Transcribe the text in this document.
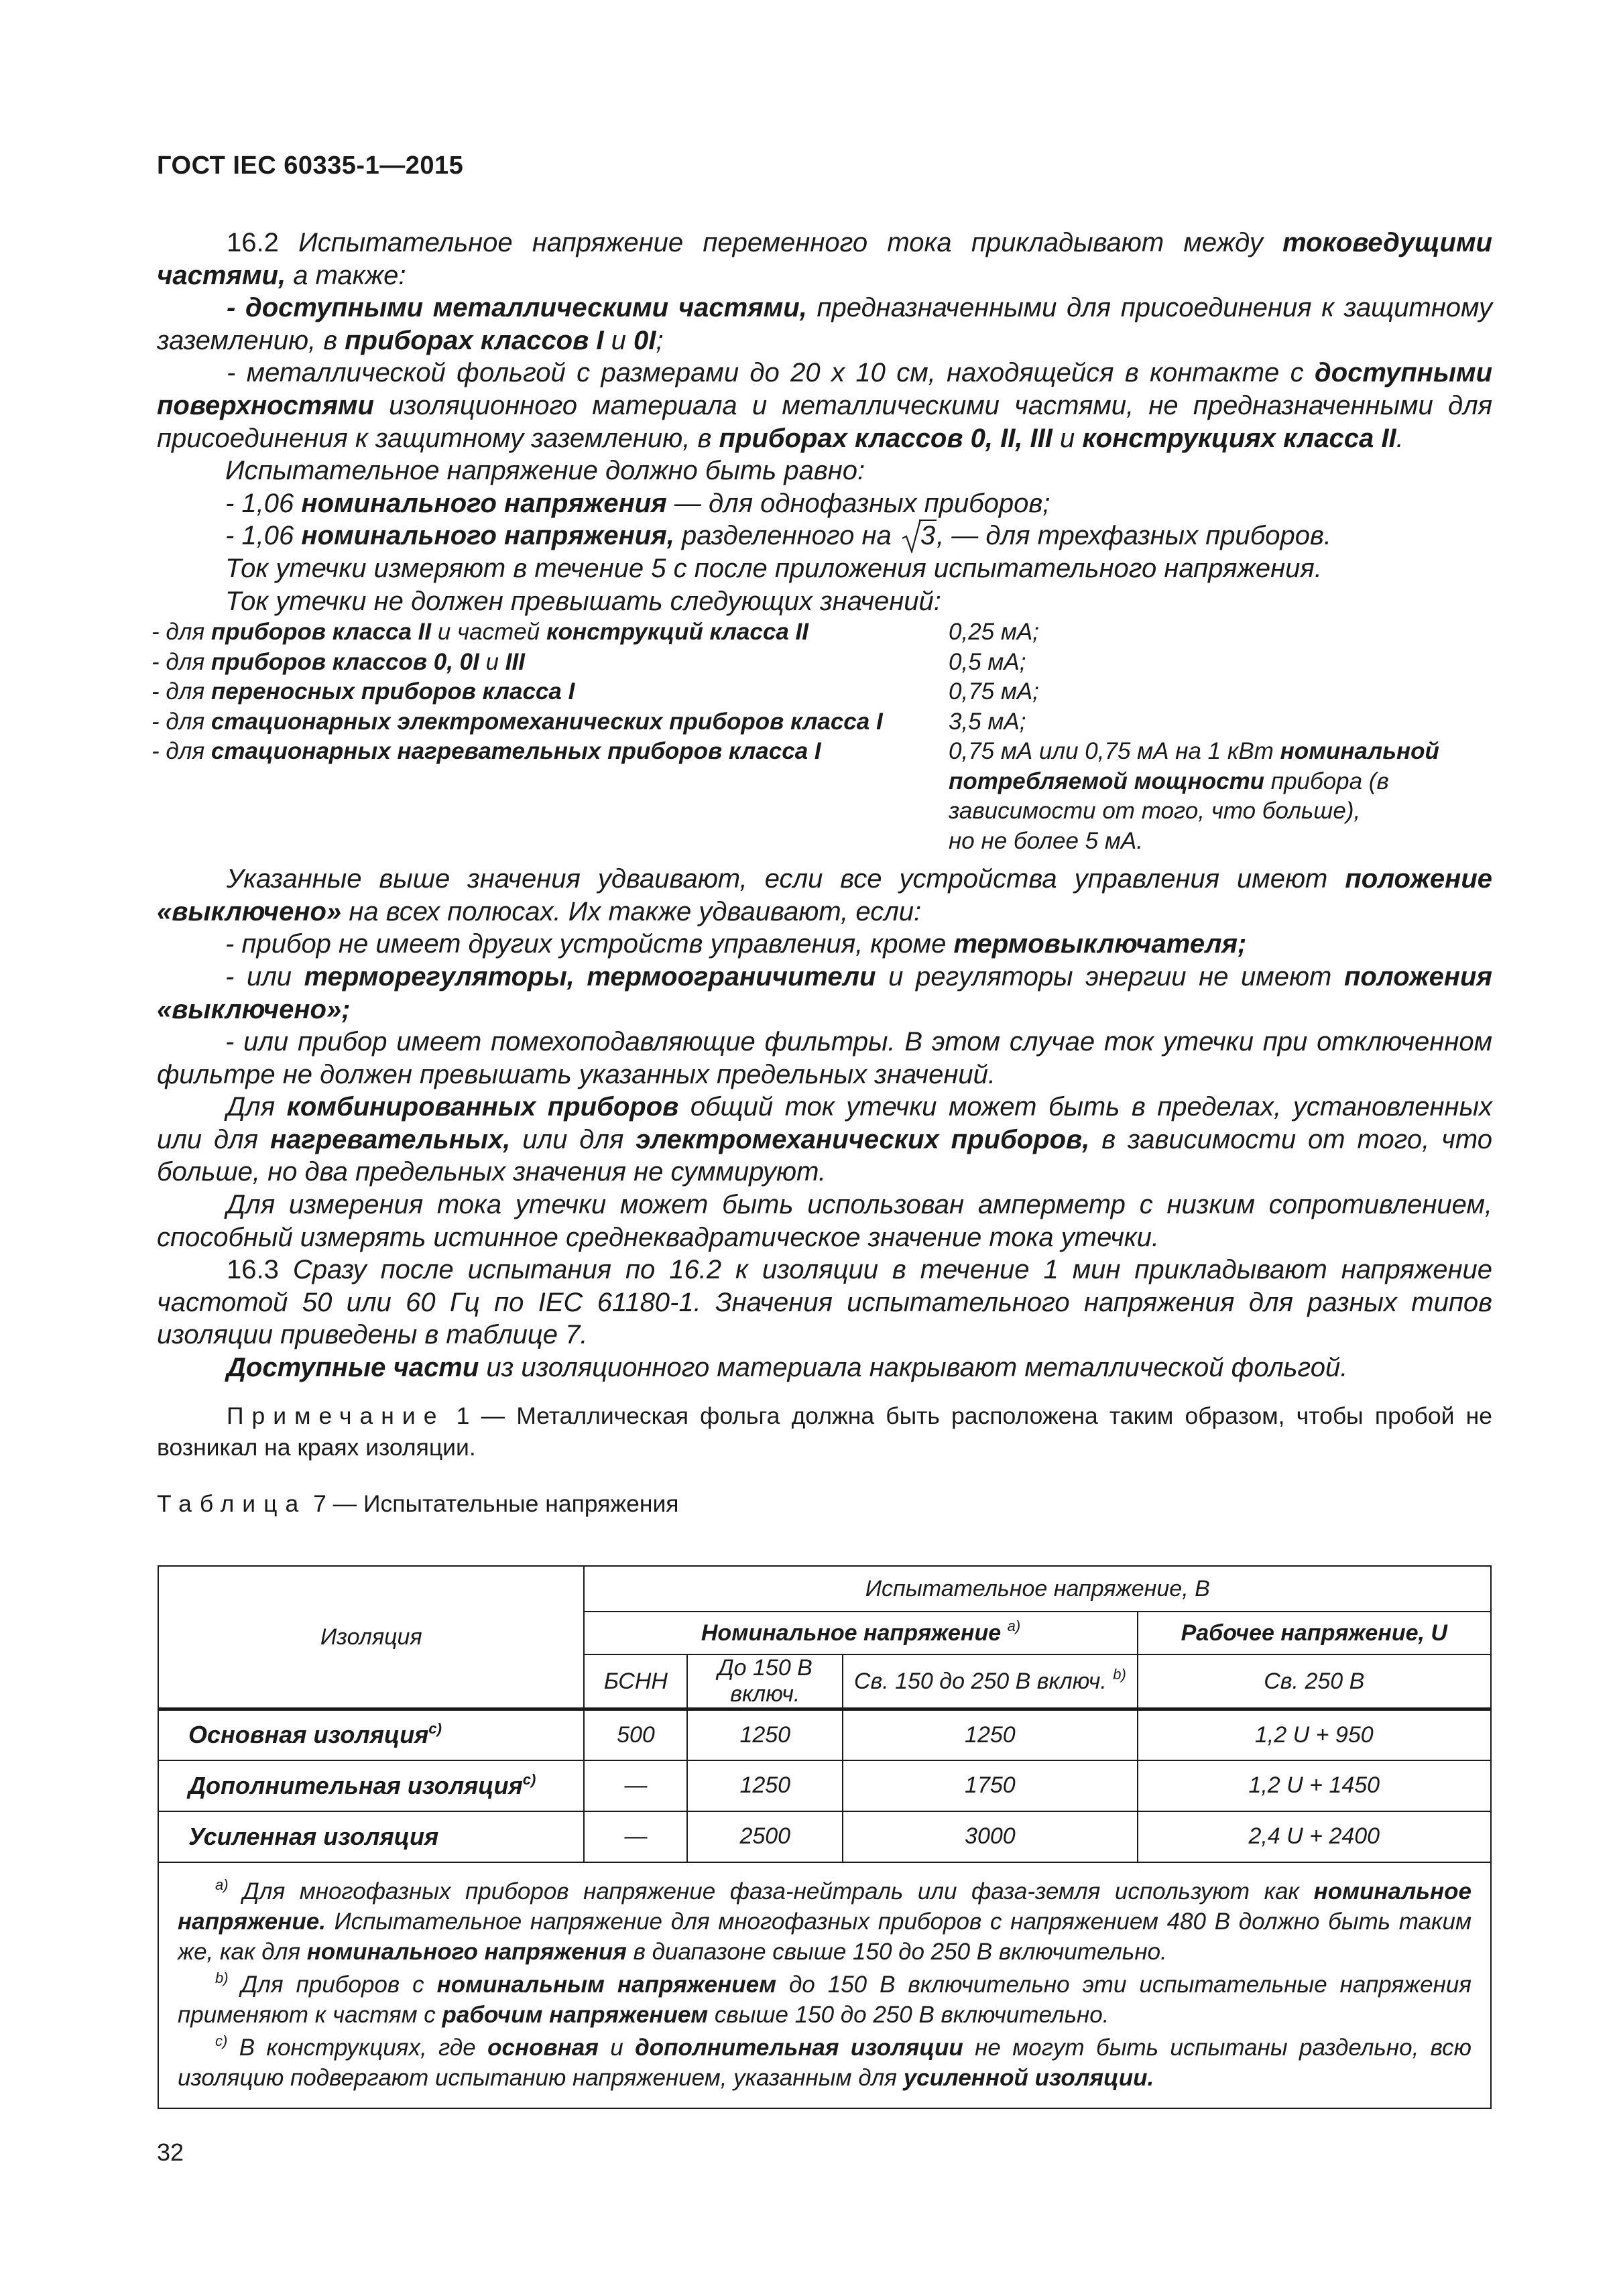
ГОСТ IEC 60335-1—2015

16.2 Испытательное напряжение переменного тока прикладывают между токоведущими частями, а также:

- доступными металлическими частями, предназначенными для присоединения к защитному заземлению, в приборах классов I и 0I;

- металлической фольгой с размерами до 20 х 10 см, находящейся в контакте с доступными поверхностями изоляционного материала и металлическими частями, не предназначенными для присоединения к защитному заземлению, в приборах классов 0, II, III и конструкциях класса II.

Испытательное напряжение должно быть равно:

- 1,06 номинального напряжения — для однофазных приборов;

- 1,06 номинального напряжения, разделенного на
3, — для трехфазных приборов.

Ток утечки измеряют в течение 5 с после приложения испытательного напряжения.

Ток утечки не должен превышать следующих значений:

- для приборов класса II и частей конструкций класса II	0,25 мА;
- для приборов классов 0, 0I и III	0,5 мА;
- для переносных приборов класса I	0,75 мА;
- для стационарных электромеханических приборов класса I	3,5 мА;
- для стационарных нагревательных приборов класса I	0,75 мА или 0,75 мА на 1 кВт номинальной потребляемой мощности прибора (в зависимости от того, что больше),
но не более 5 мА.

Указанные выше значения удваивают, если все устройства управления имеют положение «выключено» на всех полюсах. Их также удваивают, если:

- прибор не имеет других устройств управления, кроме термовыключателя;

- или терморегуляторы, термоограничители и регуляторы энергии не имеют положения «выключено»;

- или прибор имеет помехоподавляющие фильтры. В этом случае ток утечки при отключенном фильтре не должен превышать указанных предельных значений.

Для комбинированных приборов общий ток утечки может быть в пределах, установленных или для нагревательных, или для электромеханических приборов, в зависимости от того, что больше, но два предельных значения не суммируют.

Для измерения тока утечки может быть использован амперметр с низким сопротивлением, способный измерять истинное среднеквадратическое значение тока утечки.

16.3 Сразу после испытания по 16.2 к изоляции в течение 1 мин прикладывают напряжение частотой 50 или 60 Гц по IEC 61180-1. Значения испытательного напряжения для разных типов изоляции приведены в таблице 7.

Доступные части из изоляционного материала накрывают металлической фольгой.

Примечание 1 — Металлическая фольга должна быть расположена таким образом, чтобы пробой не возникал на краях изоляции.

Таблица 7 — Испытательные напряжения

Изоляция	Испытательное напряжение, В			
	Номинальное напряжение $^{а)}$			Рабочее напряжение, U
	БСНН	До 150 В включ.	Св. 150 до 250 В включ. $^{b)}$	Св. 250 В
Основная изоляция$^{c)}$	500	1250	1250	1,2 U + 950
Дополнительная изоляция$^{c)}$	—	1250	1750	1,2 U + 1450
Усиленная изоляция	—	2500	3000	2,4 U + 2400

$^{а)}$ Для многофазных приборов напряжение фаза-нейтраль или фаза-земля используют как номинальное напряжение. Испытательное напряжение для многофазных приборов с напряжением 480 В должно быть таким же, как для номинального напряжения в диапазоне свыше 150 до 250 В включительно.

$^{b)}$ Для приборов с номинальным напряжением до 150 В включительно эти испытательные напряжения применяют к частям с рабочим напряжением свыше 150 до 250 В включительно.

$^{c)}$ В конструкциях, где основная и дополнительная изоляции не могут быть испытаны раздельно, всю изоляцию подвергают испытанию напряжением, указанным для усиленной изоляции.				

32
